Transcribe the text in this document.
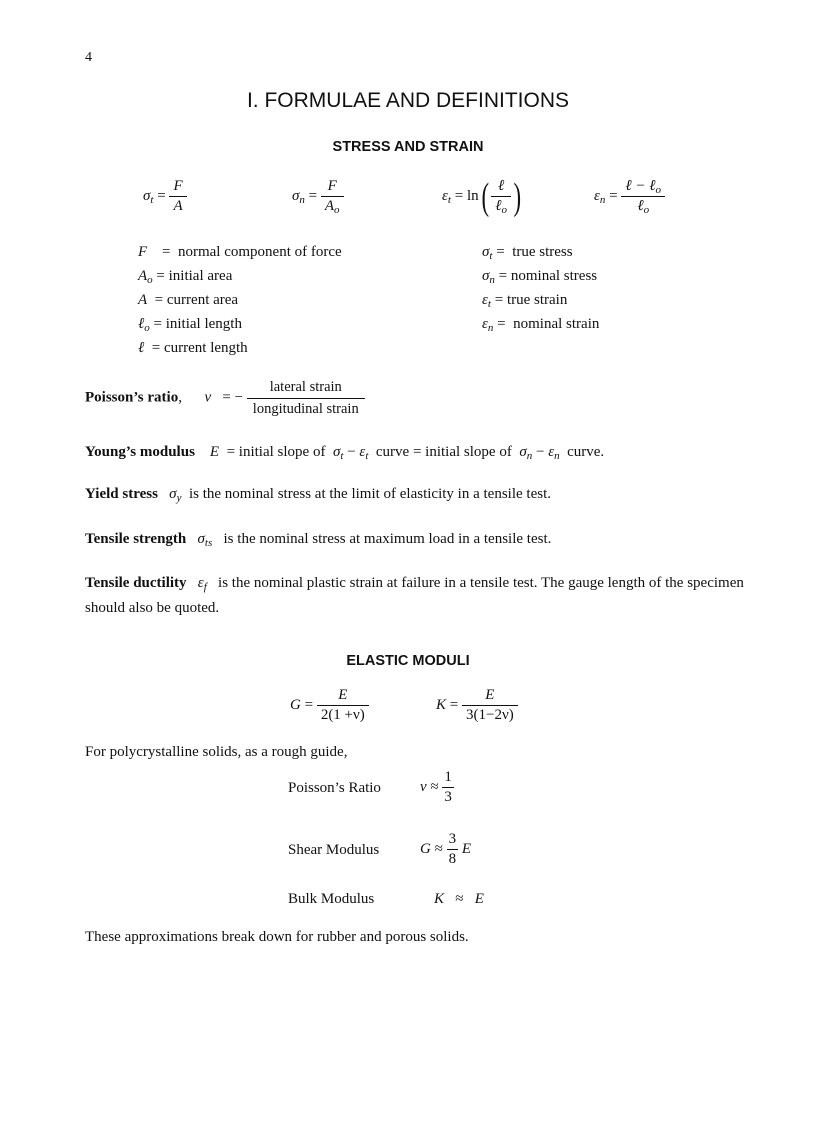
4
I. FORMULAE AND DEFINITIONS
STRESS AND STRAIN
$\sigma_t = \frac{F}{A}$	$\sigma_n = \frac{F}{A_o}$	$\varepsilon_t = \ln( \frac{\text{ℓ}}{\ell_o}$ )	$\varepsilon_n = \frac{\ell - \ell_o}{\ell_o}$
F = normal component of force
$A_o$ = initial area
A = current area
ℓ$_o$ = initial length
ℓ = current length
$\sigma_t$ = true stress
$\sigma_n$ = nominal stress
$\varepsilon_t$ = true strain
$\varepsilon_n$ = nominal strain
Poisson’s ratio, ν = − $\frac{\text{lateral strain}}{\text{longitudinal strain}}$
Young’s modulus E = initial slope of $\sigma_t - \varepsilon_t$ curve = initial slope of $\sigma_n - \varepsilon_n$ curve.
Yield stress $\sigma_y$ is the nominal stress at the limit of elasticity in a tensile test.
Tensile strength $\sigma_{ts}$ is the nominal stress at maximum load in a tensile test.
Tensile ductility $\varepsilon_f$ is the nominal plastic strain at failure in a tensile test. The gauge length of the specimen should also be quoted.
ELASTIC MODULI
$G = \frac{E}{2(1 +\nu)}$	$K = \frac{E}{3(1-2\nu)}$
For polycrystalline solids, as a rough guide,
Poisson’s Ratio	$\nu \approx \frac{1}{3}$
Shear Modulus	$G \approx \frac{3}{8}$ E
Bulk Modulus	K ≈ E
These approximations break down for rubber and porous solids.
